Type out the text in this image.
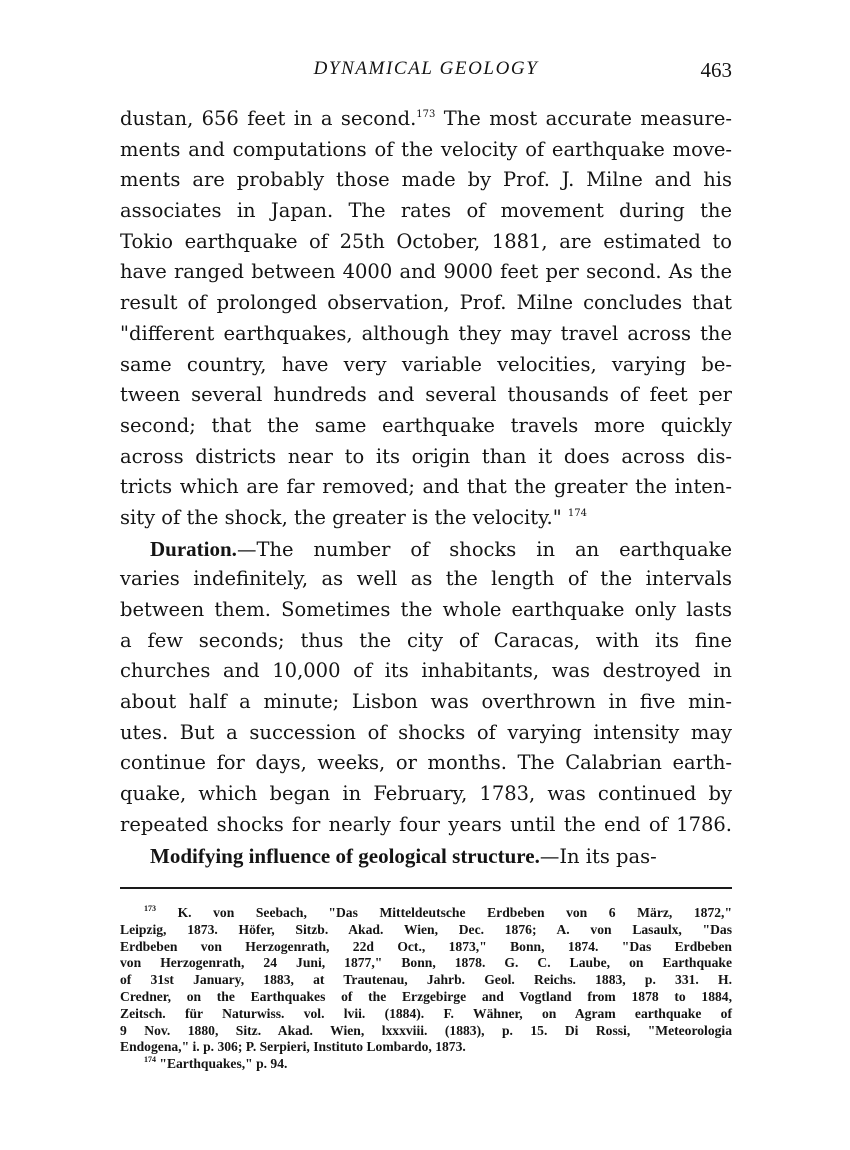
DYNAMICAL GEOLOGY	463
dustan, 656 feet in a second.$^{173}$ The most accurate measure-
ments and computations of the velocity of earthquake move-
ments are probably those made by Prof. J. Milne and his
associates in Japan. The rates of movement during the
Tokio earthquake of 25th October, 1881, are estimated to
have ranged between 4000 and 9000 feet per second. As the
result of prolonged observation, Prof. Milne concludes that
"different earthquakes, although they may travel across the
same country, have very variable velocities, varying be-
tween several hundreds and several thousands of feet per
second; that the same earthquake travels more quickly
across districts near to its origin than it does across dis-
tricts which are far removed; and that the greater the inten-
sity of the shock, the greater is the velocity." $^{174}$
Duration.—The number of shocks in an earthquake
varies indefinitely, as well as the length of the intervals
between them. Sometimes the whole earthquake only lasts
a few seconds; thus the city of Caracas, with its fine
churches and 10,000 of its inhabitants, was destroyed in
about half a minute; Lisbon was overthrown in five min-
utes. But a succession of shocks of varying intensity may
continue for days, weeks, or months. The Calabrian earth-
quake, which began in February, 1783, was continued by
repeated shocks for nearly four years until the end of 1786.
Modifying influence of geological structure.—In its pas-
$^{173}$ K. von Seebach, "Das Mitteldeutsche Erdbeben von 6 März, 1872,"
Leipzig, 1873. Höfer, Sitzb. Akad. Wien, Dec. 1876; A. von Lasaulx, "Das
Erdbeben von Herzogenrath, 22d Oct., 1873," Bonn, 1874. "Das Erdbeben
von Herzogenrath, 24 Juni, 1877," Bonn, 1878. G. C. Laube, on Earthquake
of 31st January, 1883, at Trautenau, Jahrb. Geol. Reichs. 1883, p. 331. H.
Credner, on the Earthquakes of the Erzgebirge and Vogtland from 1878 to 1884,
Zeitsch. für Naturwiss. vol. lvii. (1884). F. Wähner, on Agram earthquake of
9 Nov. 1880, Sitz. Akad. Wien, lxxxviii. (1883), p. 15. Di Rossi, "Meteorologia
Endogena," i. p. 306; P. Serpieri, Instituto Lombardo, 1873.
$^{174}$ "Earthquakes," p. 94.
